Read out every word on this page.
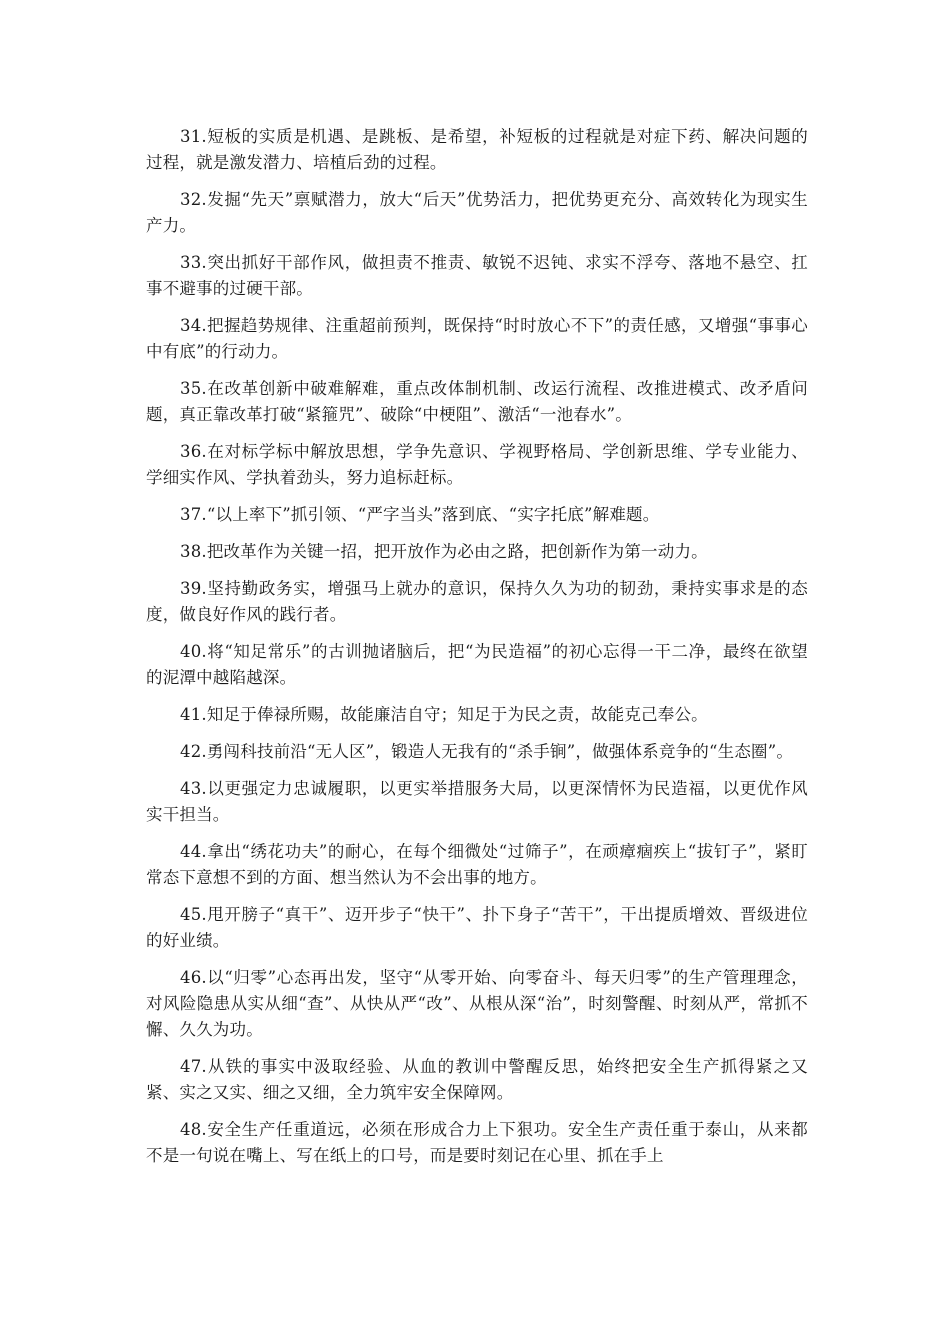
31.短板的实质是机遇、是跳板、是希望，补短板的过程就是对症下药、解决问题的过程，就是激发潜力、培植后劲的过程。

32.发掘“先天”禀赋潜力，放大“后天”优势活力，把优势更充分、高效转化为现实生产力。

33.突出抓好干部作风，做担责不推责、敏锐不迟钝、求实不浮夸、落地不悬空、扛事不避事的过硬干部。

34.把握趋势规律、注重超前预判，既保持“时时放心不下”的责任感，又增强“事事心中有底”的行动力。

35.在改革创新中破难解难，重点改体制机制、改运行流程、改推进模式、改矛盾问题，真正靠改革打破“紧箍咒”、破除“中梗阻”、激活“一池春水”。

36.在对标学标中解放思想，学争先意识、学视野格局、学创新思维、学专业能力、学细实作风、学执着劲头，努力追标赶标。

37.“以上率下”抓引领、“严字当头”落到底、“实字托底”解难题。

38.把改革作为关键一招，把开放作为必由之路，把创新作为第一动力。

39.坚持勤政务实，增强马上就办的意识，保持久久为功的韧劲，秉持实事求是的态度，做良好作风的践行者。

40.将“知足常乐”的古训抛诸脑后，把“为民造福”的初心忘得一干二净，最终在欲望的泥潭中越陷越深。

41.知足于俸禄所赐，故能廉洁自守；知足于为民之责，故能克己奉公。

42.勇闯科技前沿“无人区”，锻造人无我有的“杀手锏”，做强体系竞争的“生态圈”。

43.以更强定力忠诚履职，以更实举措服务大局，以更深情怀为民造福，以更优作风实干担当。

44.拿出“绣花功夫”的耐心，在每个细微处“过筛子”，在顽瘴痼疾上“拔钉子”，紧盯常态下意想不到的方面、想当然认为不会出事的地方。

45.甩开膀子“真干”、迈开步子“快干”、扑下身子“苦干”，干出提质增效、晋级进位的好业绩。

46.以“归零”心态再出发，坚守“从零开始、向零奋斗、每天归零”的生产管理理念，对风险隐患从实从细“查”、从快从严“改”、从根从深“治”，时刻警醒、时刻从严，常抓不懈、久久为功。

47.从铁的事实中汲取经验、从血的教训中警醒反思，始终把安全生产抓得紧之又紧、实之又实、细之又细，全力筑牢安全保障网。

48.安全生产任重道远，必须在形成合力上下狠功。安全生产责任重于泰山，从来都不是一句说在嘴上、写在纸上的口号，而是要时刻记在心里、抓在手上
